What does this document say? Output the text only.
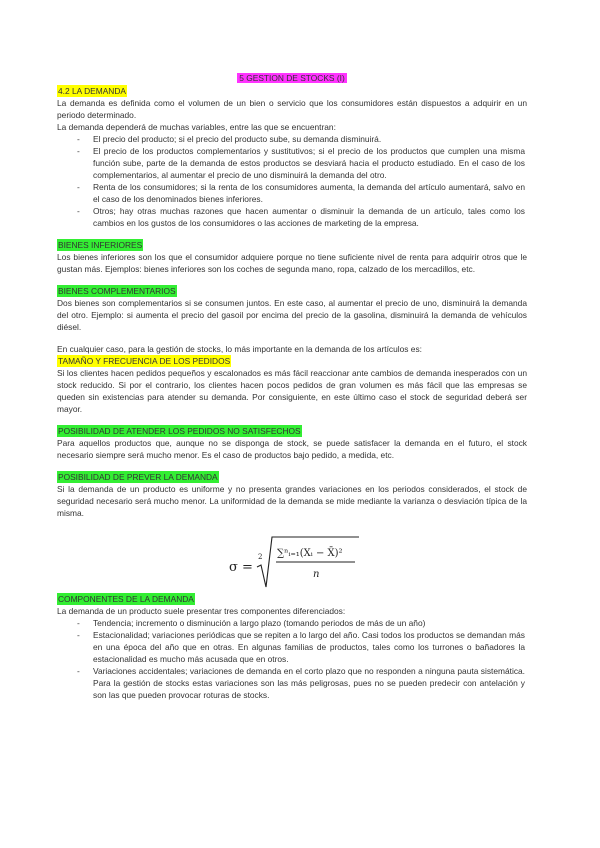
5 GESTION DE STOCKS (I)
4.2 LA DEMANDA

La demanda es definida como el volumen de un bien o servicio que los consumidores están dispuestos a adquirir en un periodo determinado.

La demanda dependerá de muchas variables, entre las que se encuentran:

- El precio del producto; si el precio del producto sube, su demanda disminuirá.
- El precio de los productos complementarios y sustitutivos; si el precio de los productos que cumplen una misma función sube, parte de la demanda de estos productos se desviará hacia el producto estudiado. En el caso de los complementarios, al aumentar el precio de uno disminuirá la demanda del otro.
- Renta de los consumidores; si la renta de los consumidores aumenta, la demanda del artículo aumentará, salvo en el caso de los denominados bienes inferiores.
- Otros; hay otras muchas razones que hacen aumentar o disminuir la demanda de un artículo, tales como los cambios en los gustos de los consumidores o las acciones de marketing de la empresa.
BIENES INFERIORES

Los bienes inferiores son los que el consumidor adquiere porque no tiene suficiente nivel de renta para adquirir otros que le gustan más. Ejemplos: bienes inferiores son los coches de segunda mano, ropa, calzado de los mercadillos, etc.

BIENES COMPLEMENTARIOS

Dos bienes son complementarios si se consumen juntos. En este caso, al aumentar el precio de uno, disminuirá la demanda del otro. Ejemplo: si aumenta el precio del gasoil por encima del precio de la gasolina, disminuirá la demanda de vehículos diésel.

En cualquier caso, para la gestión de stocks, lo más importante en la demanda de los artículos es:

TAMAÑO Y FRECUENCIA DE LOS PEDIDOS

Si los clientes hacen pedidos pequeños y escalonados es más fácil reaccionar ante cambios de demanda inesperados con un stock reducido. Si por el contrario, los clientes hacen pocos pedidos de gran volumen es más fácil que las empresas se queden sin existencias para atender su demanda. Por consiguiente, en este último caso el stock de seguridad deberá ser mayor.

POSIBILIDAD DE ATENDER LOS PEDIDOS NO SATISFECHOS

Para aquellos productos que, aunque no se disponga de stock, se puede satisfacer la demanda en el futuro, el stock necesario siempre será mucho menor. Es el caso de productos bajo pedido, a medida, etc.

POSIBILIDAD DE PREVER LA DEMANDA

Si la demanda de un producto es uniforme y no presenta grandes variaciones en los periodos considerados, el stock de seguridad necesario será mucho menor. La uniformidad de la demanda se mide mediante la varianza o desviación típica de la misma.

σ =
2 ∑ⁿᵢ₌₁(Xᵢ − X̄)²
n
COMPONENTES DE LA DEMANDA

La demanda de un producto suele presentar tres componentes diferenciados:

- Tendencia; incremento o disminución a largo plazo (tomando periodos de más de un año)
- Estacionalidad; variaciones periódicas que se repiten a lo largo del año. Casi todos los productos se demandan más en una época del año que en otras. En algunas familias de productos, tales como los turrones o bañadores la estacionalidad es mucho más acusada que en otros.
- Variaciones accidentales; variaciones de demanda en el corto plazo que no responden a ninguna pauta sistemática. Para la gestión de stocks estas variaciones son las más peligrosas, pues no se pueden predecir con antelación y son las que pueden provocar roturas de stocks.
